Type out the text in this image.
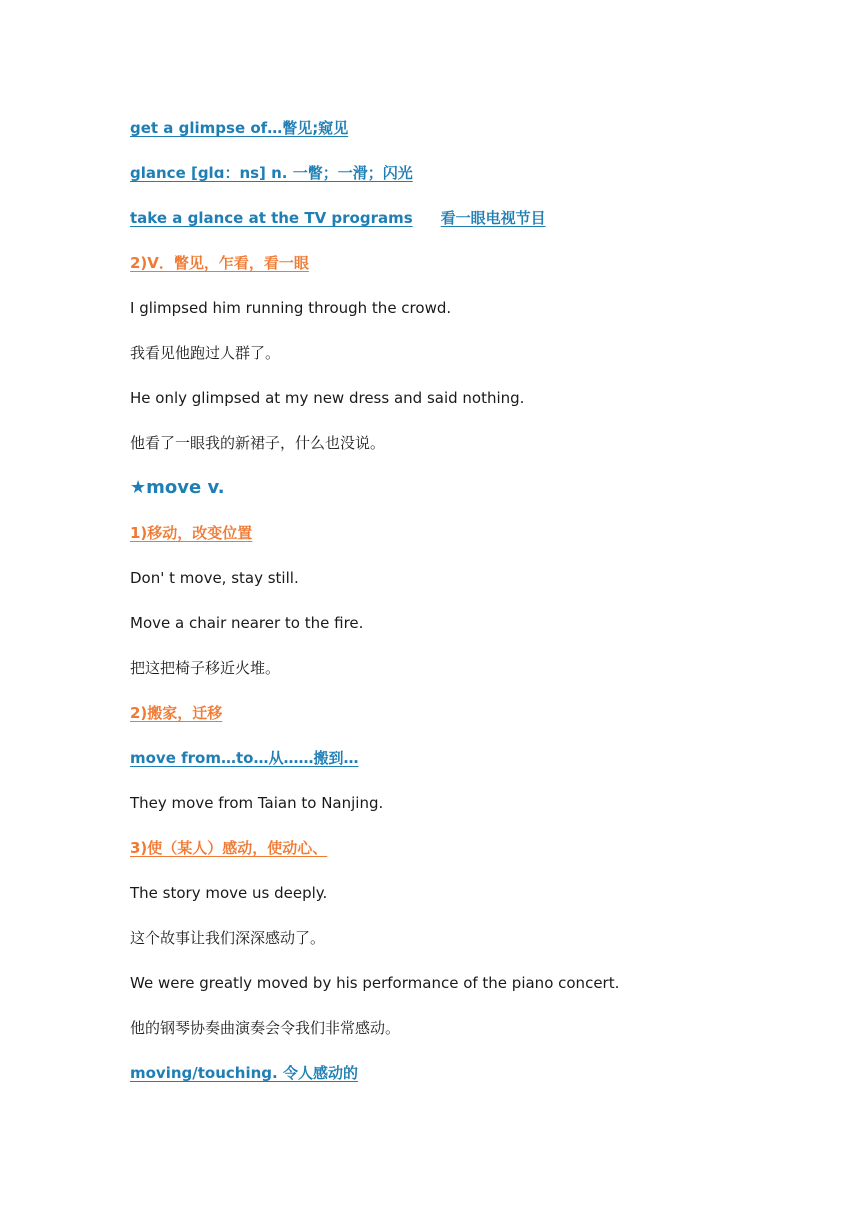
get a glimpse of…瞥见;窥见
glance [glɑ：ns] n. 一瞥；一滑；闪光
take a glance at the TV programs 看一眼电视节目
2)V．瞥见，乍看，看一眼
I glimpsed him running through the crowd.
我看见他跑过人群了。
He only glimpsed at my new dress and said nothing.
他看了一眼我的新裙子，什么也没说。
★move v.
1)移动，改变位置
Don' t move, stay still.
Move a chair nearer to the fire.
把这把椅子移近火堆。
2)搬家，迁移
move from…to…从……搬到…
They move from Taian to Nanjing.
3)使（某人）感动，使动心、
The story move us deeply.
这个故事让我们深深感动了。
We were greatly moved by his performance of the piano concert.
他的钢琴协奏曲演奏会令我们非常感动。
moving/touching. 令人感动的
